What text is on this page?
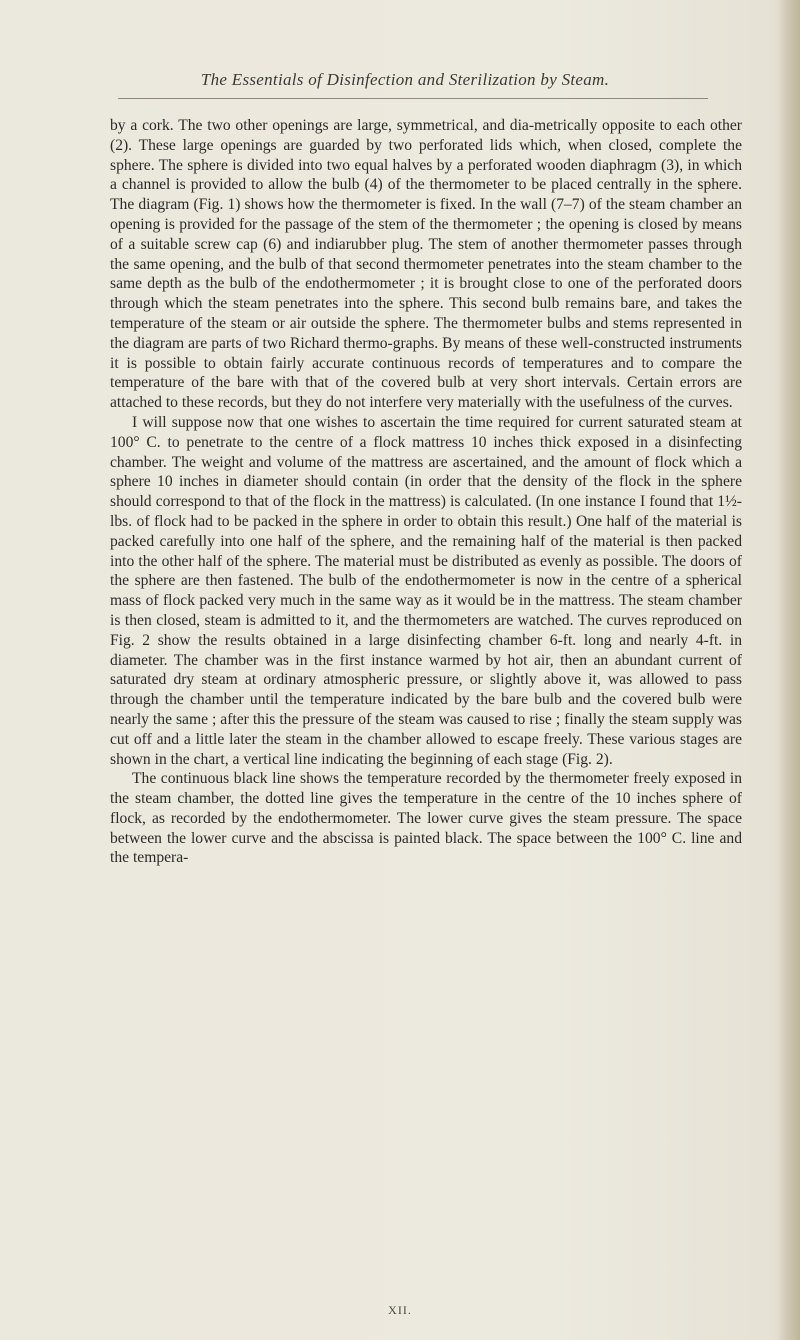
The Essentials of Disinfection and Sterilization by Steam.

by a cork. The two other openings are large, symmetrical, and dia-metrically opposite to each other (2). These large openings are guarded by two perforated lids which, when closed, complete the sphere. The sphere is divided into two equal halves by a perforated wooden diaphragm (3), in which a channel is provided to allow the bulb (4) of the thermometer to be placed centrally in the sphere. The diagram (Fig. 1) shows how the thermometer is fixed. In the wall (7–7) of the steam chamber an opening is provided for the passage of the stem of the thermometer ; the opening is closed by means of a suitable screw cap (6) and indiarubber plug. The stem of another thermometer passes through the same opening, and the bulb of that second thermometer penetrates into the steam chamber to the same depth as the bulb of the endothermometer ; it is brought close to one of the perforated doors through which the steam penetrates into the sphere. This second bulb remains bare, and takes the temperature of the steam or air outside the sphere. The thermometer bulbs and stems represented in the diagram are parts of two Richard thermo-graphs. By means of these well-constructed instruments it is possible to obtain fairly accurate continuous records of temperatures and to compare the temperature of the bare with that of the covered bulb at very short intervals. Certain errors are attached to these records, but they do not interfere very materially with the usefulness of the curves.

I will suppose now that one wishes to ascertain the time required for current saturated steam at 100° C. to penetrate to the centre of a flock mattress 10 inches thick exposed in a disinfecting chamber. The weight and volume of the mattress are ascertained, and the amount of flock which a sphere 10 inches in diameter should contain (in order that the density of the flock in the sphere should correspond to that of the flock in the mattress) is calculated. (In one instance I found that 1½-lbs. of flock had to be packed in the sphere in order to obtain this result.) One half of the material is packed carefully into one half of the sphere, and the remaining half of the material is then packed into the other half of the sphere. The material must be distributed as evenly as possible. The doors of the sphere are then fastened. The bulb of the endothermometer is now in the centre of a spherical mass of flock packed very much in the same way as it would be in the mattress. The steam chamber is then closed, steam is admitted to it, and the thermometers are watched. The curves reproduced on Fig. 2 show the results obtained in a large disinfecting chamber 6-ft. long and nearly 4-ft. in diameter. The chamber was in the first instance warmed by hot air, then an abundant current of saturated dry steam at ordinary atmospheric pressure, or slightly above it, was allowed to pass through the chamber until the temperature indicated by the bare bulb and the covered bulb were nearly the same ; after this the pressure of the steam was caused to rise ; finally the steam supply was cut off and a little later the steam in the chamber allowed to escape freely. These various stages are shown in the chart, a vertical line indicating the beginning of each stage (Fig. 2).

The continuous black line shows the temperature recorded by the thermometer freely exposed in the steam chamber, the dotted line gives the temperature in the centre of the 10 inches sphere of flock, as recorded by the endothermometer. The lower curve gives the steam pressure. The space between the lower curve and the abscissa is painted black. The space between the 100° C. line and the tempera-

XII.
